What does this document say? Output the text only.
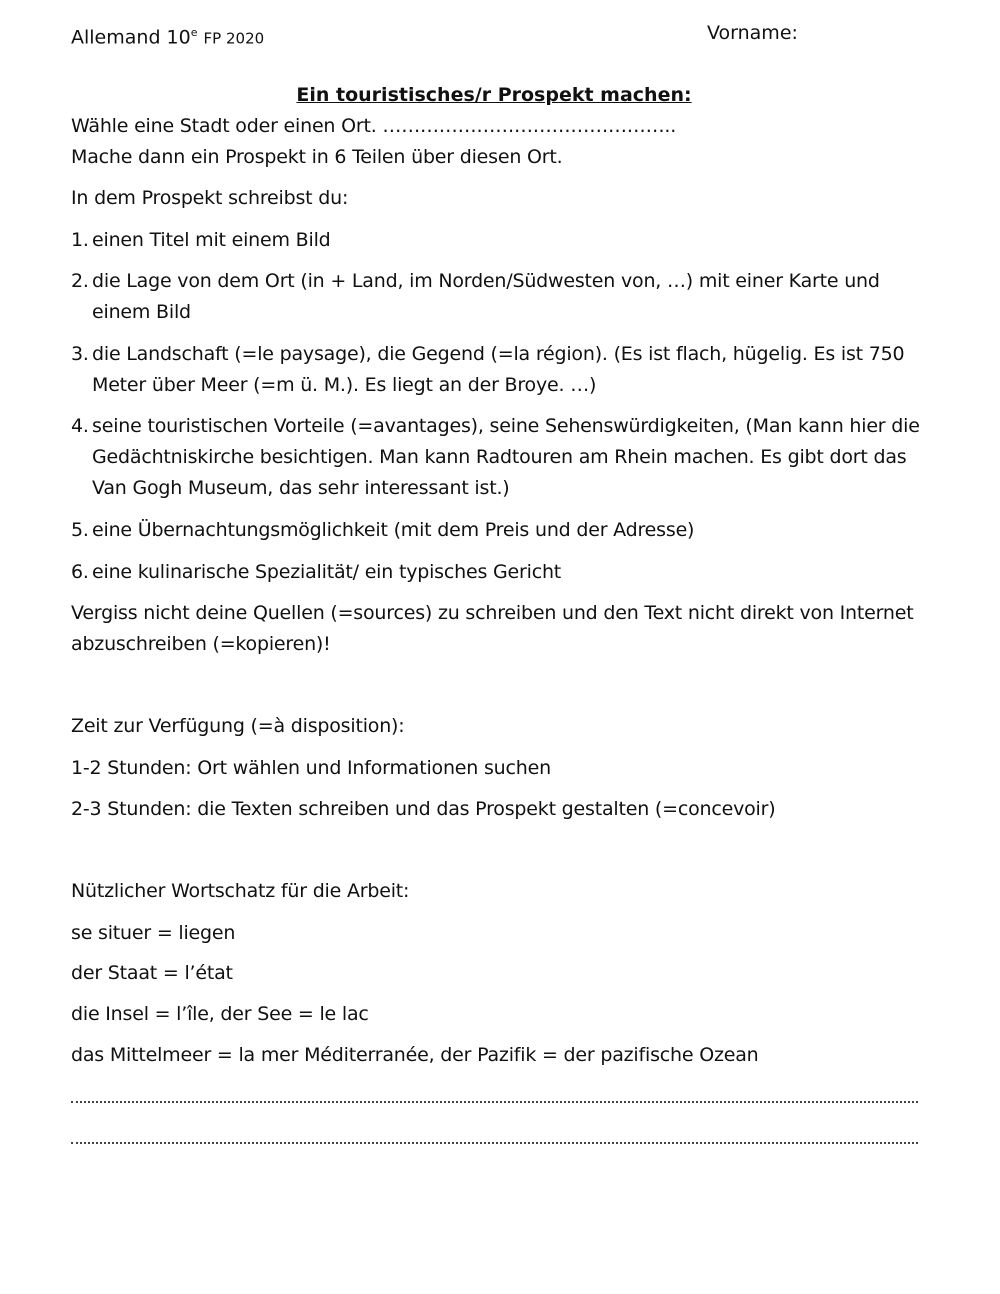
Allemand 10e FP 2020	Vorname:
Ein touristisches/r Prospekt machen:
Wähle eine Stadt oder einen Ort. ………………………………………..
Mache dann ein Prospekt in 6 Teilen über diesen Ort.
In dem Prospekt schreibst du:
1. einen Titel mit einem Bild
2. die Lage von dem Ort (in + Land, im Norden/Südwesten von, …) mit einer Karte und einem Bild
3. die Landschaft (=le paysage), die Gegend (=la région). (Es ist flach, hügelig. Es ist 750 Meter über Meer (=m ü. M.). Es liegt an der Broye. …)
4. seine touristischen Vorteile (=avantages), seine Sehenswürdigkeiten, (Man kann hier die Gedächtniskirche besichtigen. Man kann Radtouren am Rhein machen. Es gibt dort das Van Gogh Museum, das sehr interessant ist.)
5. eine Übernachtungsmöglichkeit (mit dem Preis und der Adresse)
6. eine kulinarische Spezialität/ ein typisches Gericht
Vergiss nicht deine Quellen (=sources) zu schreiben und den Text nicht direkt von Internet
abzuschreiben (=kopieren)!
Zeit zur Verfügung (=à disposition):
1-2 Stunden: Ort wählen und Informationen suchen
2-3 Stunden: die Texten schreiben und das Prospekt gestalten (=concevoir)
Nützlicher Wortschatz für die Arbeit:
se situer = liegen
der Staat = l’état
die Insel = l’île, der See = le lac
das Mittelmeer = la mer Méditerranée, der Pazifik = der pazifische Ozean
